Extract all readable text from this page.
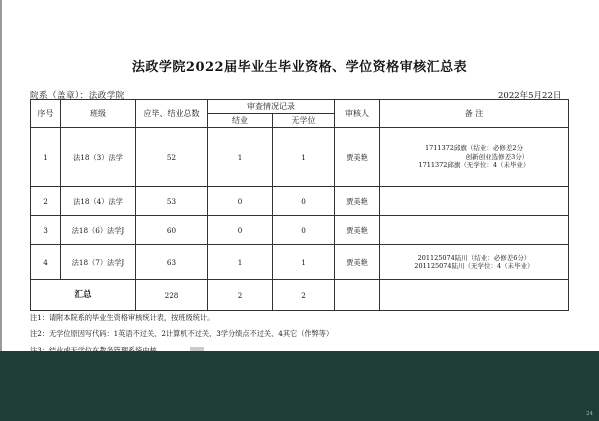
法政学院2022届毕业生毕业资格、学位资格审核汇总表
院系（盖章）：法政学院	2022年5月22日
序号	班级	应毕、结业总数	审查情况记录		审核人	备 注
			结业	无学位		
1	法18（3）法学	52	1	1	贾美艳	1711372邱旗（结业：必修差2分
创新创业选修差3分）
1711372邱旗（无学位：4（未毕业）

2	法18（4）法学	53	0	0	贾美艳	
3	法18（6）法学J	60	0	0	贾美艳	
4	法18（7）法学J	63	1	1	贾美艳	201125074陆川（结业：必修差6分）
201125074陆川（无学位：4（未毕业）

汇总		228	2	2		
注1：请附本院系的毕业生资格审核统计表，按班级统计。
注2：无学位原因写代码：1英语不过关、2计算机不过关、3学分绩点不过关、4其它（作弊等）
24
